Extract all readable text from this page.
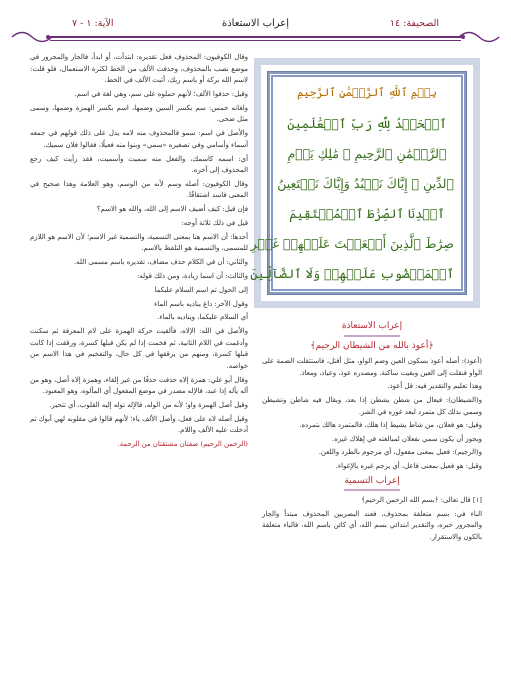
الصحيفة: ١٤
إعراب الاستعاذة
الآية: ١ - ٧

وقال الكوفيون: المحذوف فعل تقديره: ابتدأت، أو ابدأ، فالجار والمجرور في موضع نصب بالمحذوف، وحذفت الألف من الخط لكثرة الاستعمال، فلو قلت: لاسم الله بركة أو باسم ربك، أثبت الألف في الخط.

وقيل: حذفوا الألف؛ لأنهم حملوه على سم، وهي لغة في اسم.

ولغاته خمس: سم بكسر السين وضمها، اسم بكسر الهمزة وضمها، وسمى مثل ضحى.

والأصل في اسم: سمو فالمحذوف منه لامه يدل على ذلك قولهم في جمعه أسماء وأسامي وفي تصغيره «سمي» وبنوا منه فعيلًا، فقالوا فلان سميك.

أي: اسمه كاسمك، والفعل منه سميت وأسميت، فقد رأيت كيف رجع المحذوف إلى آخره.

وقال الكوفيون: أصله وسم لأنه من الوسم، وهو العلامة وهذا صحيح في المعنى فاسد اشتقاقًا.

فإن قيل: كيف أضيف الاسم إلى الله، والله هو الاسم؟

قيل في ذلك ثلاثة أوجه:

أحدها: أن الاسم هنا بمعنى التسمية، والتسمية غير الاسم؛ لأن الاسم هو اللازم للمسمى، والتسمية هو التلفظ بالاسم.

والثاني: أن في الكلام حذف مضاف، تقديره باسم مسمى الله.

والثالث: أن اسما زيادة، ومن ذلك قوله:

إلى الحول ثم اسم السلام عليكما

وقول الآخر: داع يناديه باسم الماء

أي السلام عليكما، ويناديه بالماء.

والأصل في الله: الإلاه، فألقيت حركة الهمزة على لام المعرفة ثم سكنت وأدغمت في اللام الثانية، ثم فخمت إذا لم يكن قبلها كسرة، ورققت إذا كانت قبلها كسرة، ومنهم من يرققها في كل حال، والتفخيم في هذا الاسم من خواصه.

وقال أبو علي: همزة إلاه حذفت حذفًا من غير إلقاء، وهمزة إلاه أصل، وهو من أله يأله إذا عبد، فالإله مصدر في موضع المفعول أي المألوه، وهو المعبود.

وقيل أصل الهمزة واو؛ لأنه من الوله، فالإله توله إليه القلوب، أي تتحير.

وقيل أصله لاه على فعل، وأصل الألف ياء؛ لأنهم قالوا في مقلوبه لهي أبوك ثم أدخلت عليه الألف واللام.

(الرحمن الرحيم) صفتان مشتقتان من الرحمة.

بِسۡمِ ٱللَّهِ ٱلرَّحۡمَٰنِ ٱلرَّحِيمِ
ٱلۡحَمۡدُ لِلَّهِ رَبِّ ٱلۡعَٰلَمِينَ
ٱلرَّحۡمَٰنِ ٱلرَّحِيمِ ۞ مَٰلِكِ يَوۡمِ
ٱلدِّينِ ۞ إِيَّاكَ نَعۡبُدُ وَإِيَّاكَ نَسۡتَعِينُ
ٱهۡدِنَا ٱلصِّرَٰطَ ٱلۡمُسۡتَقِيمَ
صِرَٰطَ ٱلَّذِينَ أَنۡعَمۡتَ عَلَيۡهِمۡ غَيۡرِ
ٱلۡمَغۡضُوبِ عَلَيۡهِمۡ وَلَا ٱلضَّآلِّينَ

إعراب الاستعاذة

﴿أعوذ بالله من الشيطان الرجيم﴾

(أعوذ): أصله أعوذ بسكون العين وضم الواو، مثل أقتل، فاستثقلت الضمة على الواو فنقلت إلى العين وبقيت ساكنة. ومصدره عوذ، وعياذ، ومعاذ.

وهذا تعليم والتقدير فيه: قل أعوذ.

و(الشيطان): فيعال من شطن يشطن إذا بعد، ويقال فيه شاطن وتشيطن وسمي بذلك كل متمرد لبعد غوره في الشر.

وقيل: هو فعلان، من شاط يشيط إذا هلك، فالمتمرد هالك بتمرده.

ويجوز أن يكون سمي بفعلان لمبالغته في إهلاك غيره.

و(الرجيم): فعيل بمعنى مفعول، أي مرجوم بالطرد واللعن.

وقيل: هو فعيل بمعنى فاعل، أي يرجم غيره بالإغواء.

إعراب التسمية

[١] قال تعالى: ﴿بسم الله الرحمن الرحيم﴾

الباء في: بسم متعلقة بمحذوف، فعند البصريين المحذوف مبتدأ والجار والمجرور خبره، والتقدير ابتدائي بسم الله، أي كائن باسم الله، فالباء متعلقة بالكون والاستقرار.
